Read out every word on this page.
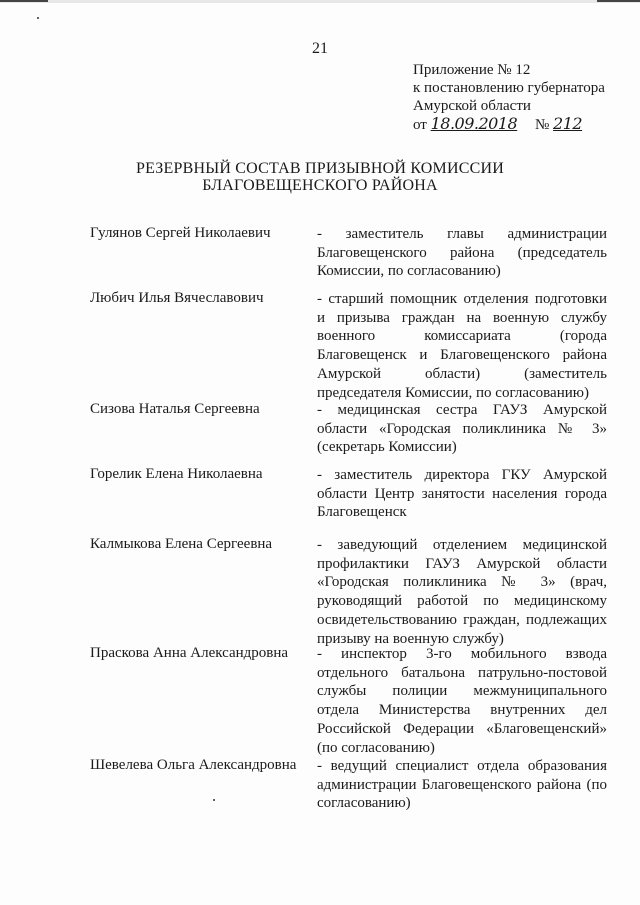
21
Приложение № 12
к постановлению губернатора
Амурской области
от 18.09.2018 № 212
РЕЗЕРВНЫЙ СОСТАВ ПРИЗЫВНОЙ КОМИССИИ
БЛАГОВЕЩЕНСКОГО РАЙОНА
Гулянов Сергей Николаевич	- заместитель главы администрации Благовещенского района (председатель Комиссии, по согласованию)
Любич Илья Вячеславович	- старший помощник отделения подготовки и призыва граждан на военную службу военного комиссариата (города Благовещенск и Благовещенского района Амурской области) (заместитель председателя Комиссии, по согласованию)
Сизова Наталья Сергеевна	- медицинская сестра ГАУЗ Амурской области «Городская поликлиника № 3» (секретарь Комиссии)
Горелик Елена Николаевна	- заместитель директора ГКУ Амурской области Центр занятости населения города Благовещенск
Калмыкова Елена Сергеевна	- заведующий отделением медицинской профилактики ГАУЗ Амурской области «Городская поликлиника № 3» (врач, руководящий работой по медицинскому освидетельствованию граждан, подлежащих призыву на военную службу)
Праскова Анна Александровна - инспектор 3-го мобильного взвода отдельного батальона патрульно-постовой службы полиции межмуниципального отдела Министерства внутренних дел Российской Федерации «Благовещенский» (по согласованию)
Шевелева Ольга Александровна - ведущий специалист отдела образования администрации Благовещенского района (по согласованию)
